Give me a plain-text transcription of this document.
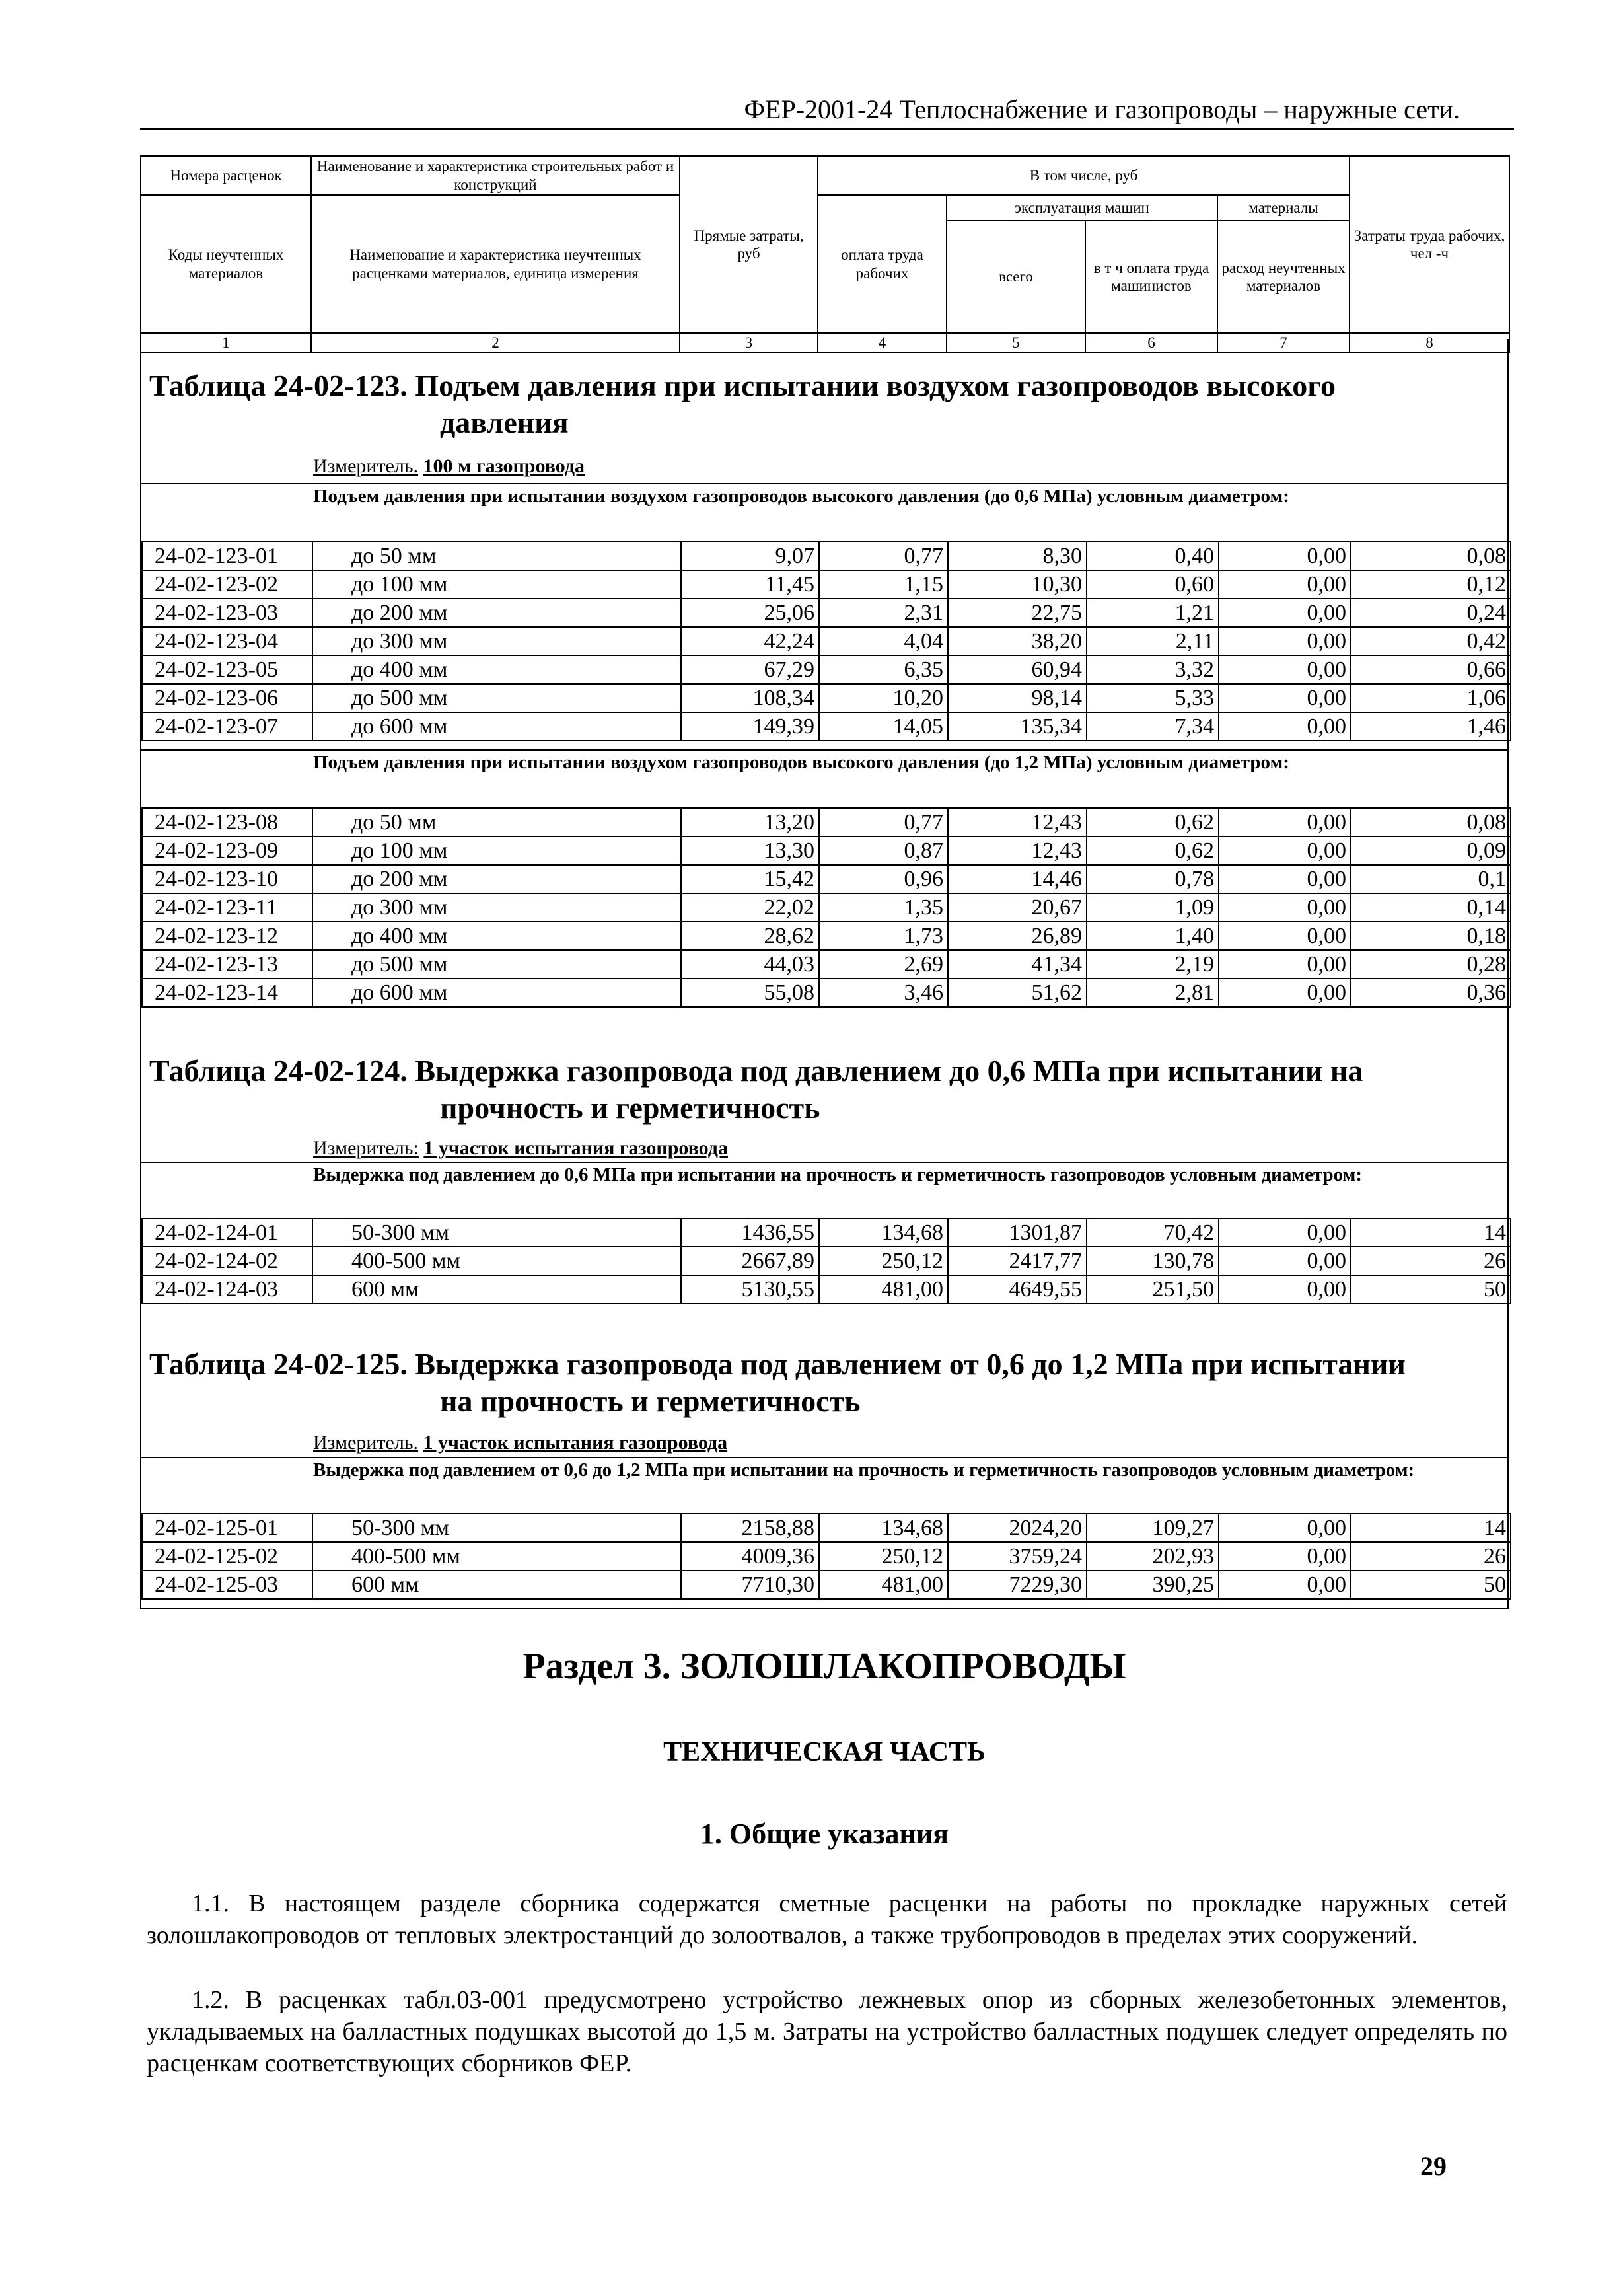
ФЕР-2001-24 Теплоснабжение и газопроводы – наружные сети.
Номера расценок	Наименование и характеристика строительных работ и конструкций	Прямые затраты, руб	В том числе, руб				Затраты труда рабочих, чел -ч
Коды неучтенных материалов	Наименование и характеристика неучтенных расценками материалов, единица измерения		оплата труда рабочих	эксплуатация машин		материалы	
				всего	в т ч оплата труда машинистов	расход неучтенных материалов	
1	2	3	4	5	6	7	8
Таблица 24-02-123. Подъем давления при испытании воздухом газопроводов высокого
давления
Измеритель. 100 м газопровода
Подъем давления при испытании воздухом газопроводов высокого давления (до 0,6 МПа) условным диаметром:
24-02-123-01	до 50 мм	9,07	0,77	8,30	0,40	0,00	0,08
24-02-123-02	до 100 мм	11,45	1,15	10,30	0,60	0,00	0,12
24-02-123-03	до 200 мм	25,06	2,31	22,75	1,21	0,00	0,24
24-02-123-04	до 300 мм	42,24	4,04	38,20	2,11	0,00	0,42
24-02-123-05	до 400 мм	67,29	6,35	60,94	3,32	0,00	0,66
24-02-123-06	до 500 мм	108,34	10,20	98,14	5,33	0,00	1,06
24-02-123-07	до 600 мм	149,39	14,05	135,34	7,34	0,00	1,46
Подъем давления при испытании воздухом газопроводов высокого давления (до 1,2 МПа) условным диаметром:
24-02-123-08	до 50 мм	13,20	0,77	12,43	0,62	0,00	0,08
24-02-123-09	до 100 мм	13,30	0,87	12,43	0,62	0,00	0,09
24-02-123-10	до 200 мм	15,42	0,96	14,46	0,78	0,00	0,1
24-02-123-11	до 300 мм	22,02	1,35	20,67	1,09	0,00	0,14
24-02-123-12	до 400 мм	28,62	1,73	26,89	1,40	0,00	0,18
24-02-123-13	до 500 мм	44,03	2,69	41,34	2,19	0,00	0,28
24-02-123-14	до 600 мм	55,08	3,46	51,62	2,81	0,00	0,36
Таблица 24-02-124. Выдержка газопровода под давлением до 0,6 МПа при испытании на
прочность и герметичность
Измеритель: 1 участок испытания газопровода
Выдержка под давлением до 0,6 МПа при испытании на прочность и герметичность газопроводов условным диаметром:
24-02-124-01	50-300 мм	1436,55	134,68	1301,87	70,42	0,00	14
24-02-124-02	400-500 мм	2667,89	250,12	2417,77	130,78	0,00	26
24-02-124-03	600 мм	5130,55	481,00	4649,55	251,50	0,00	50
Таблица 24-02-125. Выдержка газопровода под давлением от 0,6 до 1,2 МПа при испытании
на прочность и герметичность
Измеритель. 1 участок испытания газопровода
Выдержка под давлением от 0,6 до 1,2 МПа при испытании на прочность и герметичность газопроводов условным диаметром:
24-02-125-01	50-300 мм	2158,88	134,68	2024,20	109,27	0,00	14
24-02-125-02	400-500 мм	4009,36	250,12	3759,24	202,93	0,00	26
24-02-125-03	600 мм	7710,30	481,00	7229,30	390,25	0,00	50
Раздел 3. ЗОЛОШЛАКОПРОВОДЫ
ТЕХНИЧЕСКАЯ ЧАСТЬ
1. Общие указания
1.1. В настоящем разделе сборника содержатся сметные расценки на работы по прокладке наружных сетей золошлакопроводов от тепловых электростанций до золоотвалов, а также трубопроводов в пределах этих сооружений.
1.2. В расценках табл.03-001 предусмотрено устройство лежневых опор из сборных железобетонных элементов, укладываемых на балластных подушках высотой до 1,5 м. Затраты на устройство балластных подушек следует определять по расценкам соответствующих сборников ФЕР.
29
